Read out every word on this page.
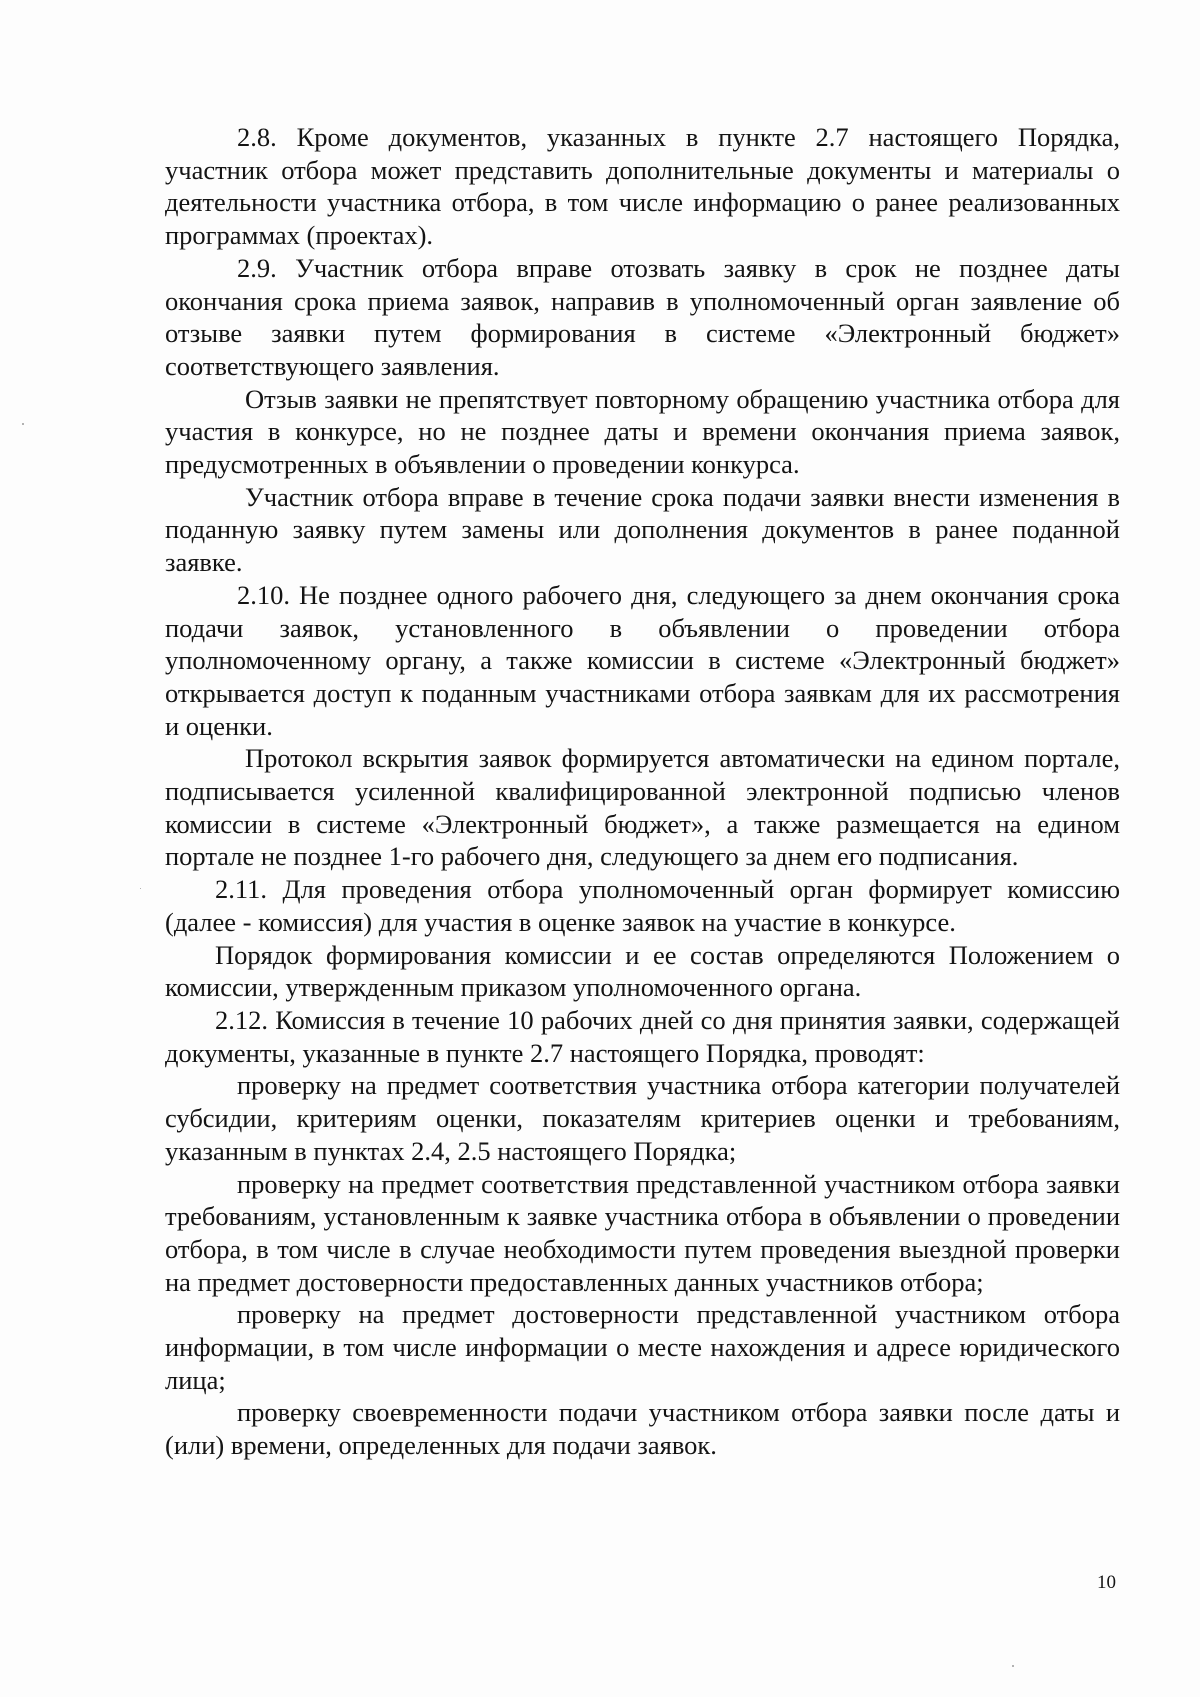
2.8. Кроме документов, указанных в пункте 2.7 настоящего Порядка, участник отбора может представить дополнительные документы и материалы о деятельности участника отбора, в том числе информацию о ранее реализованных программах (проектах).

2.9. Участник отбора вправе отозвать заявку в срок не позднее даты окончания срока приема заявок, направив в уполномоченный орган заявление об отзыве заявки путем формирования в системе «Электронный бюджет» соответствующего заявления.

Отзыв заявки не препятствует повторному обращению участника отбора для участия в конкурсе, но не позднее даты и времени окончания приема заявок, предусмотренных в объявлении о проведении конкурса.

Участник отбора вправе в течение срока подачи заявки внести изменения в поданную заявку путем замены или дополнения документов в ранее поданной заявке.

2.10. Не позднее одного рабочего дня, следующего за днем окончания срока подачи заявок, установленного в объявлении о проведении отбора уполномоченному органу, а также комиссии в системе «Электронный бюджет» открывается доступ к поданным участниками отбора заявкам для их рассмотрения и оценки.

Протокол вскрытия заявок формируется автоматически на едином портале, подписывается усиленной квалифицированной электронной подписью членов комиссии в системе «Электронный бюджет», а также размещается на едином портале не позднее 1-го рабочего дня, следующего за днем его подписания.

2.11. Для проведения отбора уполномоченный орган формирует комиссию (далее - комиссия) для участия в оценке заявок на участие в конкурсе.

Порядок формирования комиссии и ее состав определяются Положением о комиссии, утвержденным приказом уполномоченного органа.

2.12. Комиссия в течение 10 рабочих дней со дня принятия заявки, содержащей документы, указанные в пункте 2.7 настоящего Порядка, проводят:

проверку на предмет соответствия участника отбора категории получателей субсидии, критериям оценки, показателям критериев оценки и требованиям, указанным в пунктах 2.4, 2.5 настоящего Порядка;

проверку на предмет соответствия представленной участником отбора заявки требованиям, установленным к заявке участника отбора в объявлении о проведении отбора, в том числе в случае необходимости путем проведения выездной проверки на предмет достоверности предоставленных данных участников отбора;

проверку на предмет достоверности представленной участником отбора информации, в том числе информации о месте нахождения и адресе юридического лица;

проверку своевременности подачи участником отбора заявки после даты и (или) времени, определенных для подачи заявок.

10
